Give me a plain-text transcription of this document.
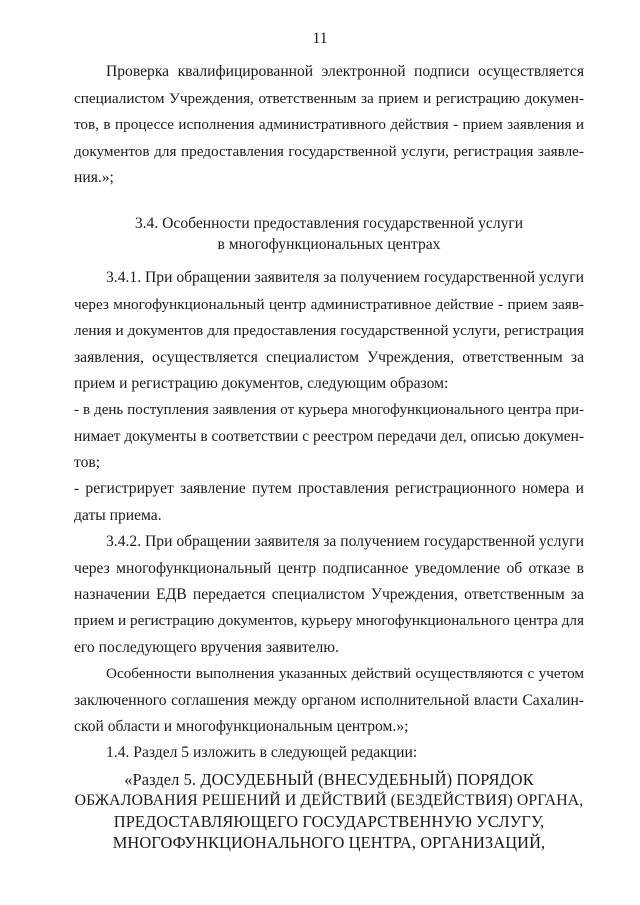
11
Проверка квалифицированной электронной подписи осуществляется
специалистом Учреждения, ответственным за прием и регистрацию докумен-
тов, в процессе исполнения административного действия - прием заявления и
документов для предоставления государственной услуги, регистрация заявле-
ния.»;
3.4. Особенности предоставления государственной услуги
в многофункциональных центрах
3.4.1. При обращении заявителя за получением государственной услуги
через многофункциональный центр административное действие - прием заяв-
ления и документов для предоставления государственной услуги, регистрация
заявления, осуществляется специалистом Учреждения, ответственным за
прием и регистрацию документов, следующим образом:
- в день поступления заявления от курьера многофункционального центра при-
нимает документы в соответствии с реестром передачи дел, описью докумен-
тов;
- регистрирует заявление путем проставления регистрационного номера и
даты приема.
3.4.2. При обращении заявителя за получением государственной услуги
через многофункциональный центр подписанное уведомление об отказе в
назначении ЕДВ передается специалистом Учреждения, ответственным за
прием и регистрацию документов, курьеру многофункционального центра для
его последующего вручения заявителю.
Особенности выполнения указанных действий осуществляются с учетом
заключенного соглашения между органом исполнительной власти Сахалин-
ской области и многофункциональным центром.»;
1.4. Раздел 5 изложить в следующей редакции:
«Раздел 5. ДОСУДЕБНЫЙ (ВНЕСУДЕБНЫЙ) ПОРЯДОК
ОБЖАЛОВАНИЯ РЕШЕНИЙ И ДЕЙСТВИЙ (БЕЗДЕЙСТВИЯ) ОРГАНА,
ПРЕДОСТАВЛЯЮЩЕГО ГОСУДАРСТВЕННУЮ УСЛУГУ,
МНОГОФУНКЦИОНАЛЬНОГО ЦЕНТРА, ОРГАНИЗАЦИЙ,
